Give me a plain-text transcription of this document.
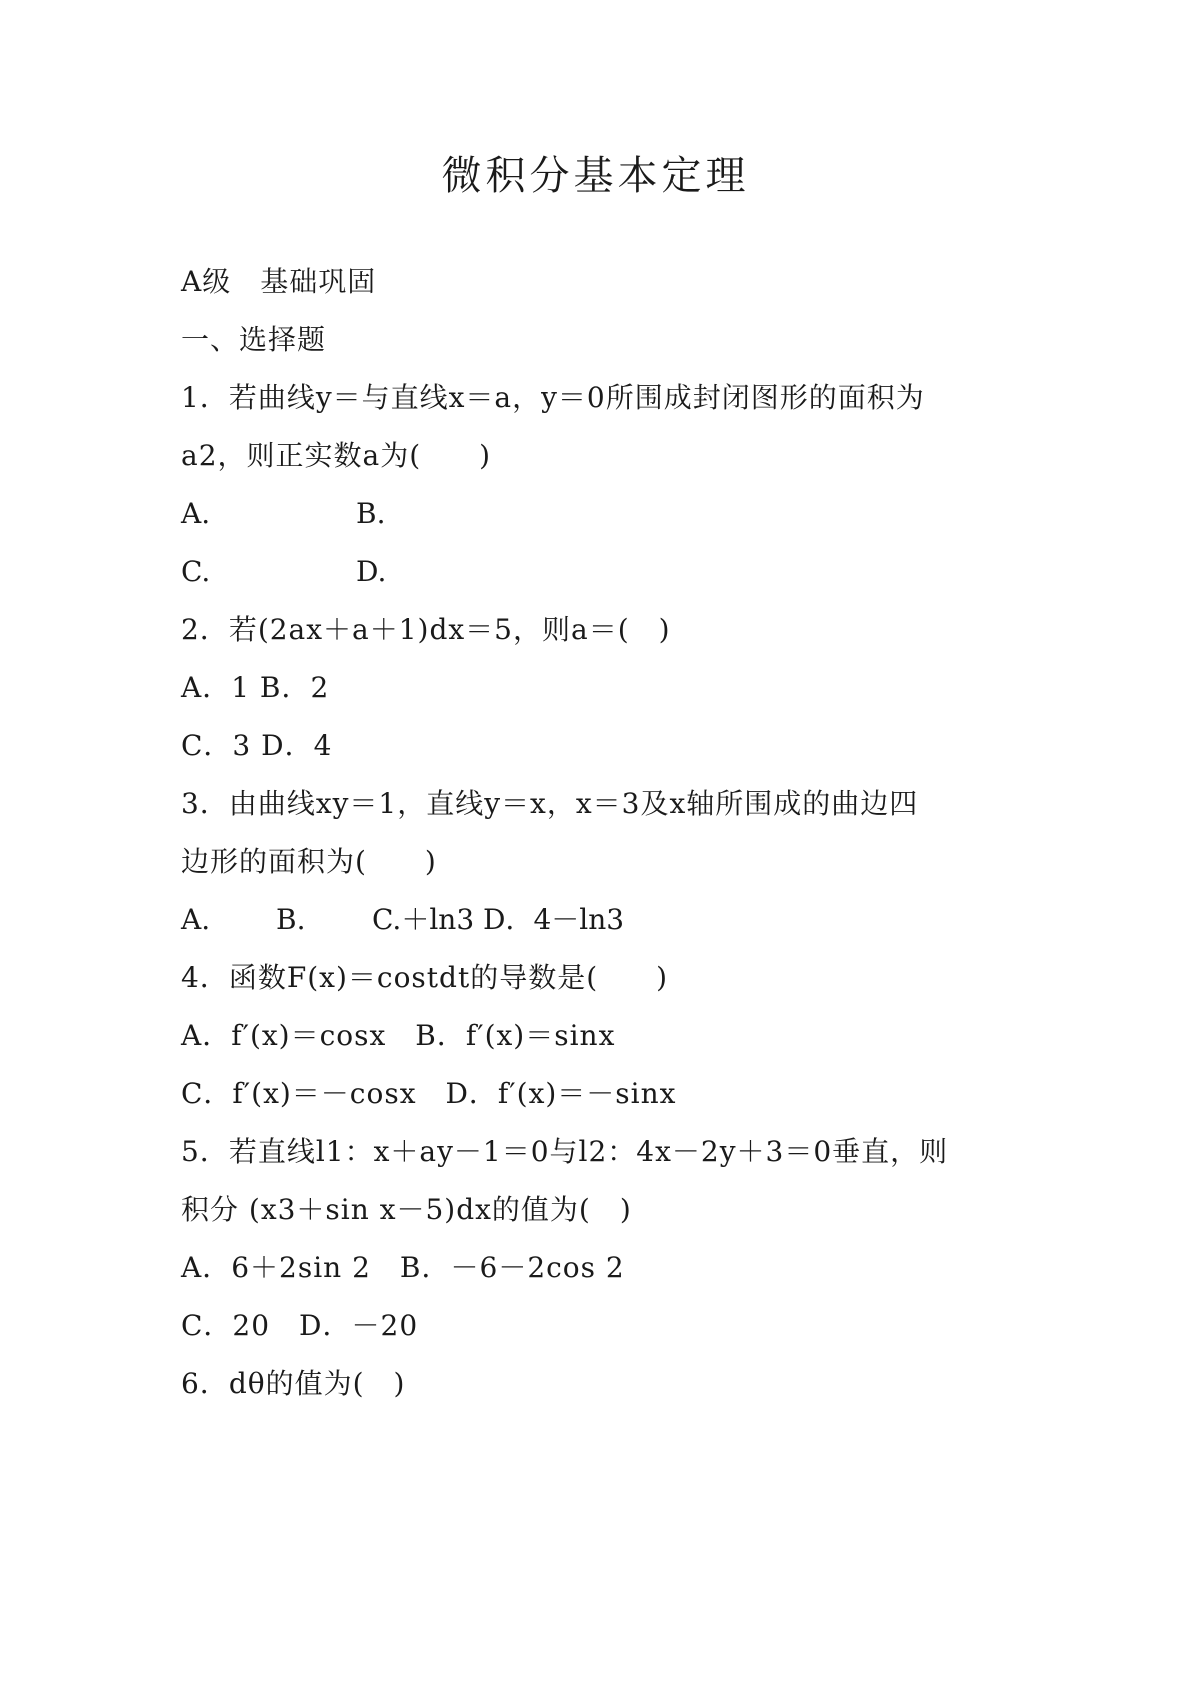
微积分基本定理
A级　基础巩固
一、选择题
1．若曲线y＝与直线x＝a，y＝0所围成封闭图形的面积为
a2，则正实数a为(　　)
A.	B.
C.	D.
2．若(2ax＋a＋1)dx＝5，则a＝(　)
A．1 B．2
C．3 D．4
3．由曲线xy＝1，直线y＝x，x＝3及x轴所围成的曲边四
边形的面积为(　　)
A. B. C.＋ln3 D．4－ln3
4．函数F(x)＝costdt的导数是(　　)
A．f′(x)＝cosx　B．f′(x)＝sinx
C．f′(x)＝－cosx　D．f′(x)＝－sinx
5．若直线l1：x＋ay－1＝0与l2：4x－2y＋3＝0垂直，则
积分 (x3＋sin x－5)dx的值为(　)
A．6＋2sin 2　B．－6－2cos 2
C．20　D．－20
6．dθ的值为(　)
